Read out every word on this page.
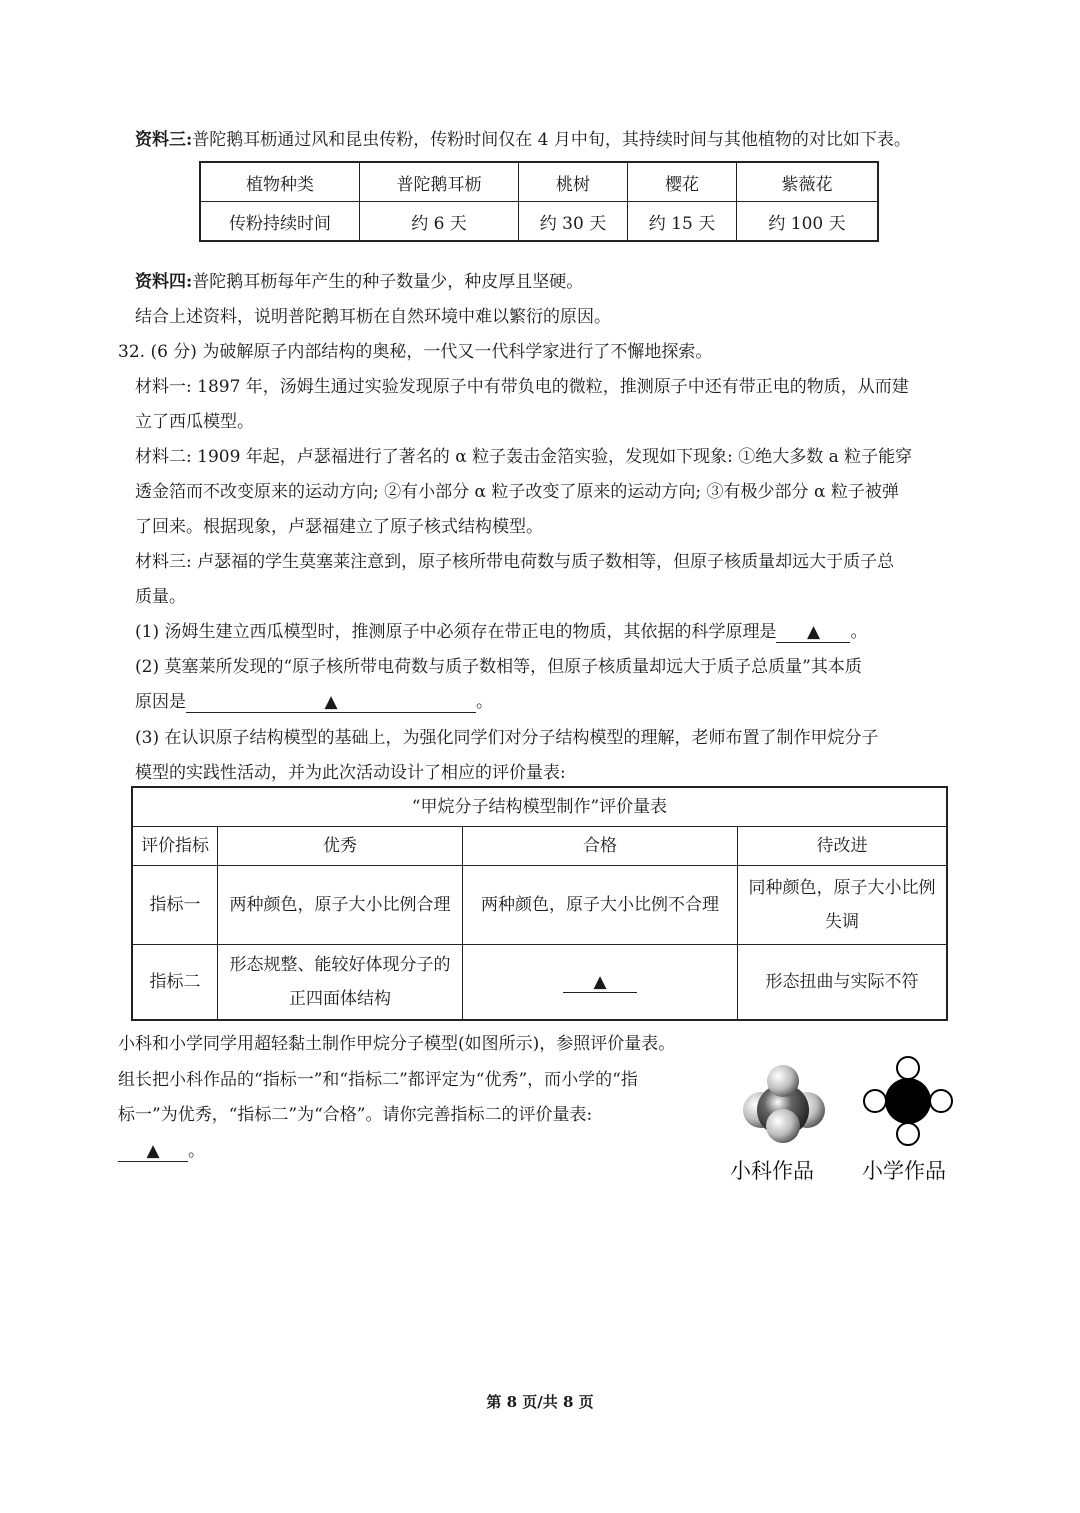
资料三:普陀鹅耳枥通过风和昆虫传粉，传粉时间仅在 4 月中旬，其持续时间与其他植物的对比如下表。
植物种类	普陀鹅耳枥	桃树	樱花	紫薇花
传粉持续时间	约 6 天	约 30 天	约 15 天	约 100 天
资料四:普陀鹅耳枥每年产生的种子数量少，种皮厚且坚硬。
结合上述资料，说明普陀鹅耳枥在自然环境中难以繁衍的原因。
32. (6 分) 为破解原子内部结构的奥秘，一代又一代科学家进行了不懈地探索。
材料一: 1897 年，汤姆生通过实验发现原子中有带负电的微粒，推测原子中还有带正电的物质，从而建
立了西瓜模型。
材料二: 1909 年起，卢瑟福进行了著名的 α 粒子轰击金箔实验，发现如下现象: ①绝大多数 a 粒子能穿
透金箔而不改变原来的运动方向; ②有小部分 α 粒子改变了原来的运动方向; ③有极少部分 α 粒子被弹
了回来。根据现象，卢瑟福建立了原子核式结构模型。
材料三: 卢瑟福的学生莫塞莱注意到，原子核所带电荷数与质子数相等，但原子核质量却远大于质子总
质量。
(1) 汤姆生建立西瓜模型时，推测原子中必须存在带正电的物质，其依据的科学原理是 ▲ 。
(2) 莫塞莱所发现的“原子核所带电荷数与质子数相等，但原子核质量却远大于质子总质量”其本质
原因是	▲	。
(3) 在认识原子结构模型的基础上，为强化同学们对分子结构模型的理解，老师布置了制作甲烷分子
模型的实践性活动，并为此次活动设计了相应的评价量表:
“甲烷分子结构模型制作”评价量表			
评价指标	优秀	合格	待改进
指标一	两种颜色，原子大小比例合理	两种颜色，原子大小比例不合理	同种颜色，原子大小比例失调
指标二	形态规整、能较好体现分子的正四面体结构	▲	形态扭曲与实际不符
小科和小学同学用超轻黏土制作甲烷分子模型(如图所示)，参照评价量表。
组长把小科作品的“指标一”和“指标二”都评定为“优秀”，而小学的“指
标一”为优秀，“指标二”为“合格”。请你完善指标二的评价量表:
▲ 。
小科作品 小学作品
第 8 页/共 8 页
